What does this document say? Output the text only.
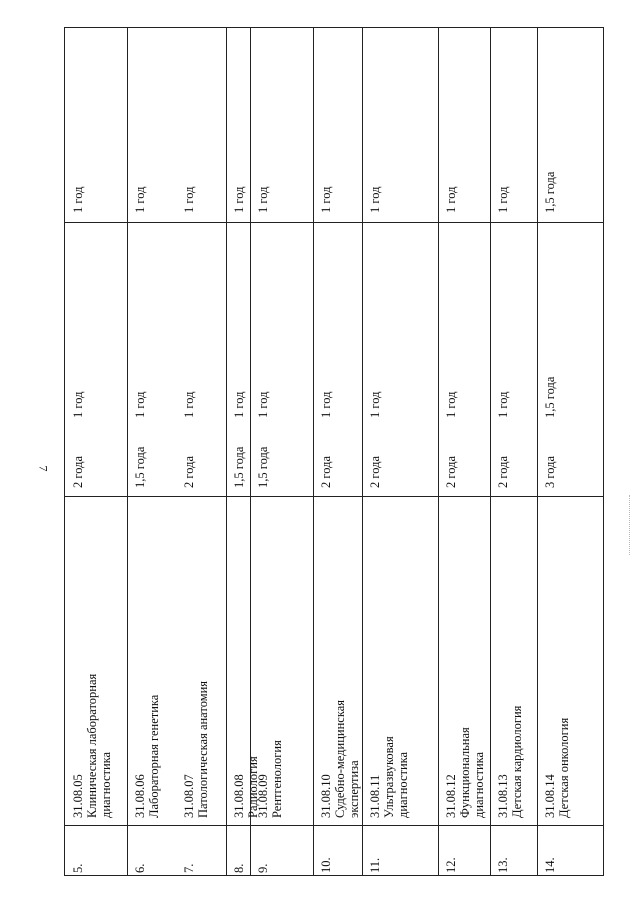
7
5.
31.08.05 Клиническая лабораторная диагностика
2 года
1 год
1 год
6.
31.08.06 Лабораторная генетика
1,5 года
1 год
1 год
7.
31.08.07 Патологическая анатомия
2 года
1 год
1 год
8.
31.08.08 Радиология
1,5 года
1 год
1 год
9.
31.08.09 Рентгенология
1,5 года
1 год
1 год
10.
31.08.10 Судебно-медицинская экспертиза
2 года
1 год
1 год
11.
31.08.11 Ультразвуковая диагностика
2 года
1 год
1 год
12.
31.08.12 Функциональная диагностика
2 года
1 год
1 год
13.
31.08.13 Детская кардиология
2 года
1 год
1 год
14.
31.08.14 Детская онкология
3 года
1,5 года
1,5 года
